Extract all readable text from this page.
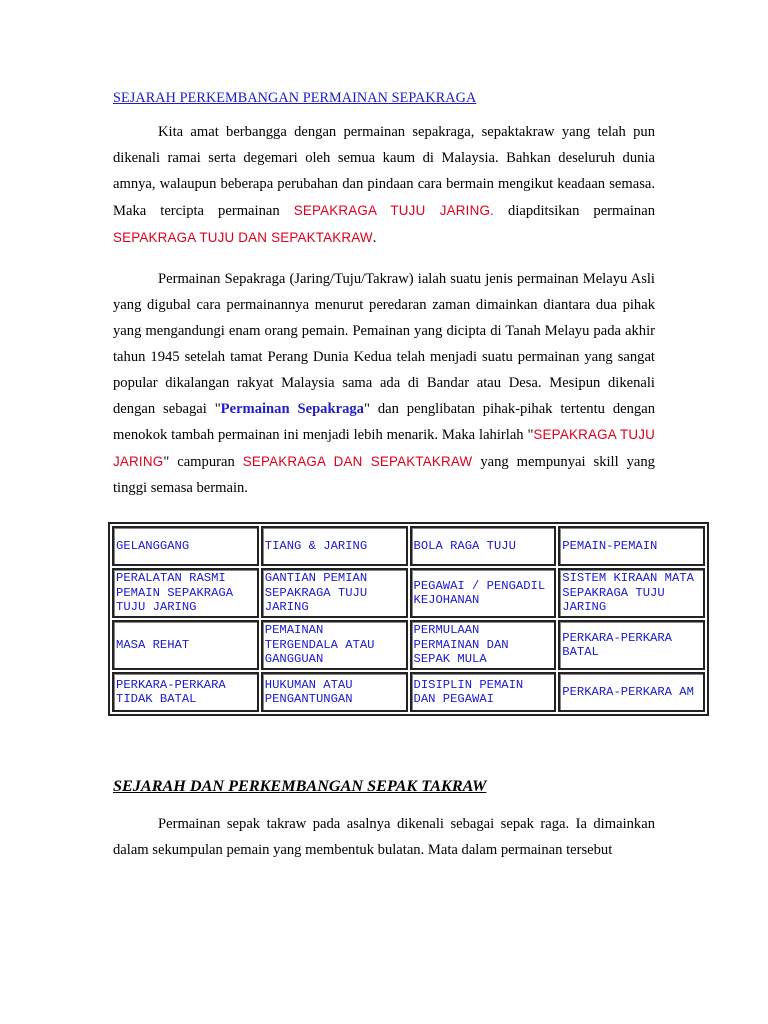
SEJARAH PERKEMBANGAN PERMAINAN SEPAKRAGA

Kita amat berbangga dengan permainan sepakraga, sepaktakraw yang telah pun dikenali ramai serta degemari oleh semua kaum di Malaysia. Bahkan deseluruh dunia amnya, walaupun beberapa perubahan dan pindaan cara bermain mengikut keadaan semasa. Maka tercipta permainan SEPAKRAGA TUJU JARING. diapditsikan permainan SEPAKRAGA TUJU DAN SEPAKTAKRAW.

Permainan Sepakraga (Jaring/Tuju/Takraw) ialah suatu jenis permainan Melayu Asli yang digubal cara permainannya menurut peredaran zaman dimainkan diantara dua pihak yang mengandungi enam orang pemain. Pemainan yang dicipta di Tanah Melayu pada akhir tahun 1945 setelah tamat Perang Dunia Kedua telah menjadi suatu permainan yang sangat popular dikalangan rakyat Malaysia sama ada di Bandar atau Desa. Mesipun dikenali dengan sebagai "Permainan Sepakraga" dan penglibatan pihak-pihak tertentu dengan menokok tambah permainan ini menjadi lebih menarik. Maka lahirlah "SEPAKRAGA TUJU JARING" campuran SEPAKRAGA DAN SEPAKTAKRAW yang mempunyai skill yang tinggi semasa bermain.

GELANGGANG	TIANG & JARING	BOLA RAGA TUJU	PEMAIN-PEMAIN
PERALATAN RASMI PEMAIN SEPAKRAGA TUJU JARING	GANTIAN PEMIAN SEPAKRAGA TUJU JARING	PEGAWAI / PENGADIL KEJOHANAN	SISTEM KIRAAN MATA SEPAKRAGA TUJU JARING
MASA REHAT	PEMAINAN TERGENDALA ATAU GANGGUAN	PERMULAAN PERMAINAN DAN SEPAK MULA	PERKARA-PERKARA BATAL
PERKARA-PERKARA TIDAK BATAL	HUKUMAN ATAU PENGANTUNGAN	DISIPLIN PEMAIN DAN PEGAWAI	PERKARA-PERKARA AM
SEJARAH DAN PERKEMBANGAN SEPAK TAKRAW

Permainan sepak takraw pada asalnya dikenali sebagai sepak raga. Ia dimainkan dalam sekumpulan pemain yang membentuk bulatan. Mata dalam permainan tersebut
